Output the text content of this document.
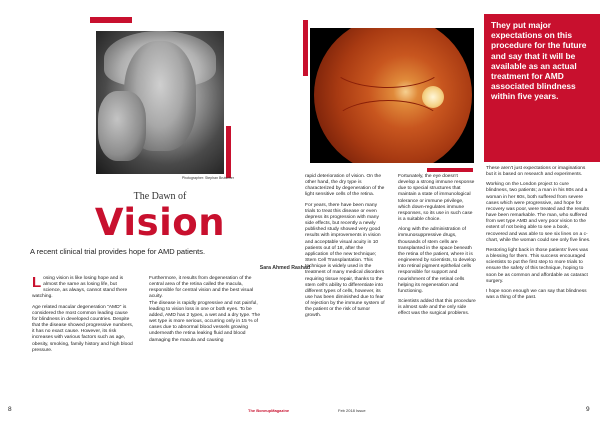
Photographer: Stephan Brutscher
The Dawn of
Vision
A recent clinical trial provides hope for AMD patients.
Sara Ahmed Rashad

Losing vision is like losing hope and is almost the same as losing life, but science, as always, cannot stand there watching.

Age related macular degeneration "AMD" is considered the most common leading cause for blindness in developed countries. Despite that the disease showed progressive numbers, it has no exact cause. However, its risk increases with various factors such as age, obesity, smoking, family history and high blood pressure.

Furthermore, it results from degeneration of the central area of the retina called the macula, responsible for central vision and the best visual acuity.

The disease is rapidly progressive and not painful, leading to vision loss in one or both eyes. To be added, AMD has 2 types, a wet and a dry type. The wet type is more serious, occurring only in 15 % of cases due to abnormal blood vessels growing underneath the retina leaking fluid and blood damaging the macula and causing

rapid deterioration of vision. On the other hand, the dry type is characterized by degeneration of the light sensitive cells of the retina.

For years, there have been many trials to treat this disease or even depress its progression with many side effects, but recently a newly published study showed very good results with improvements in vision and acceptable visual acuity in 10 patients out of 18, after the application of the new technique; Stem Cell Transplantation. This technique is widely used in the treatment of many medical disorders requiring tissue repair, thanks to the stem cell's ability to differentiate into different types of cells, however, its use has been diminished due to fear of rejection by the immune system of the patient or the risk of tumor growth.

Fortunately, the eye doesn't develop a strong immune response due to special structures that maintain a state of immunological tolerance or immune privilege, which down-regulates immune responses, so its use in such case is a suitable choice.

Along with the administration of immunosuppressive drugs, thousands of stem cells are transplanted in the space beneath the retina of the patient, where it is engineered by scientists, to develop into retinal pigment epithelial cells responsible for support and nourishment of the retinal cells helping its regeneration and functioning.

Scientists added that this procedure is almost safe and the only side effect was the surgical problems.

They put major expectations on this procedure for the future and say that it will be available as an actual treatment for AMD associated blindness within five years.

These aren't just expectations or imaginations but it is based on research and experiments.

Working on the London project to cure blindness, two patients; a man in his 80s and a woman in her 60s, both suffered from severe cases which were progressive, and hope for recovery was poor, were treated and the results have been remarkable. The man, who suffered from wet type AMD and very poor vision to the extent of not being able to see a book, recovered and was able to see six lines on a c-chart, while the woman could see only five lines.

Restoring light back in those patients' lives was a blessing for them. This success encouraged scientists to put the first step to more trials to ensure the safety of this technique, hoping to soon be as common and affordable as cataract surgery.

I hope soon enough we can say that blindness was a thing of the past.

8	The BoneupMagazine	Feb 2018 Issue	9
